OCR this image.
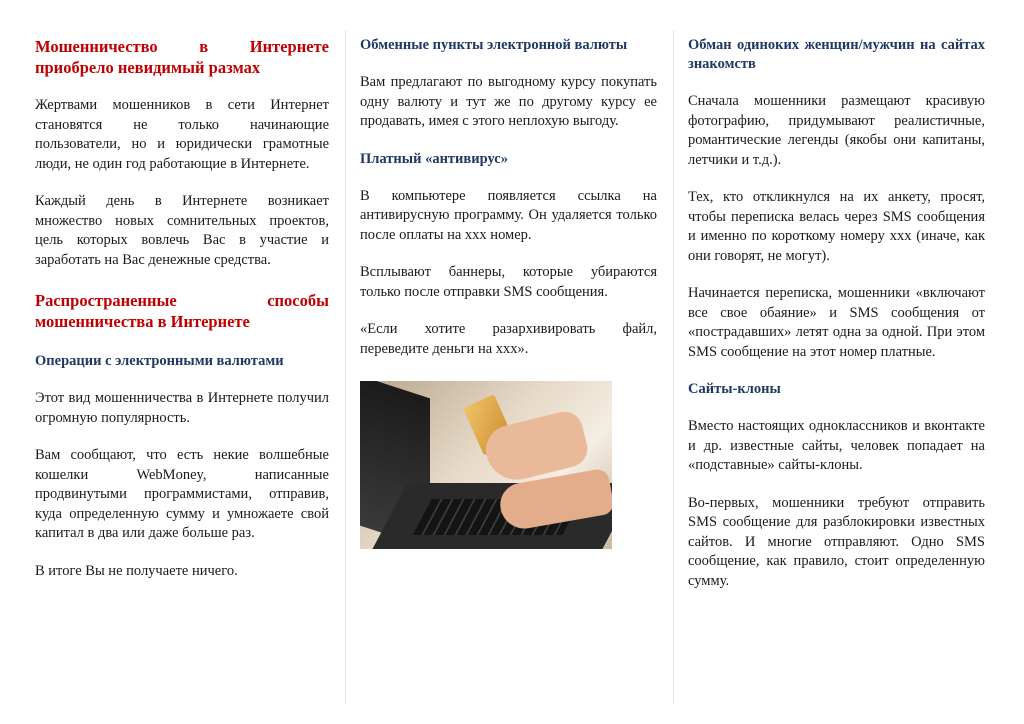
Мошенничество в Интернете приобрело невидимый размах

Жертвами мошенников в сети Интернет становятся не только начинающие пользователи, но и юридически грамотные люди, не один год работающие в Интернете.

Каждый день в Интернете возникает множество новых сомнительных проектов, цель которых вовлечь Вас в участие и заработать на Вас денежные средства.

Распространенные способы мошенничества в Интернете
Операции с электронными валютами

Этот вид мошенничества в Интернете получил огромную популярность.

Вам сообщают, что есть некие волшебные кошелки WebMoney, написанные продвинутыми программистами, отправив, куда определенную сумму и умножаете свой капитал в два или даже больше раз.

В итоге Вы не получаете ничего.

Обменные пункты электронной валюты

Вам предлагают по выгодному курсу покупать одну валюту и тут же по другому курсу ее продавать, имея с этого неплохую выгоду.

Платный «антивирус»

В компьютере появляется ссылка на антивирусную программу. Он удаляется только после оплаты на ххх номер.

Всплывают баннеры, которые убираются только после отправки SMS сообщения.

«Если хотите разархивировать файл, переведите деньги на ххх».

Обман одиноких женщин/мужчин на сайтах знакомств

Сначала мошенники размещают красивую фотографию, придумывают реалистичные, романтические легенды (якобы они капитаны, летчики и т.д.).

Тех, кто откликнулся на их анкету, просят, чтобы переписка велась через SMS сообщения и именно по короткому номеру ххх (иначе, как они говорят, не могут).

Начинается переписка, мошенники «включают все свое обаяние» и SMS сообщения от «пострадавших» летят одна за одной. При этом SMS сообщение на этот номер платные.

Сайты-клоны

Вместо настоящих одноклассников и вконтакте и др. известные сайты, человек попадает на «подставные» сайты-клоны.

Во-первых, мошенники требуют отправить SMS сообщение для разблокировки известных сайтов. И многие отправляют. Одно SMS сообщение, как правило, стоит определенную сумму.
